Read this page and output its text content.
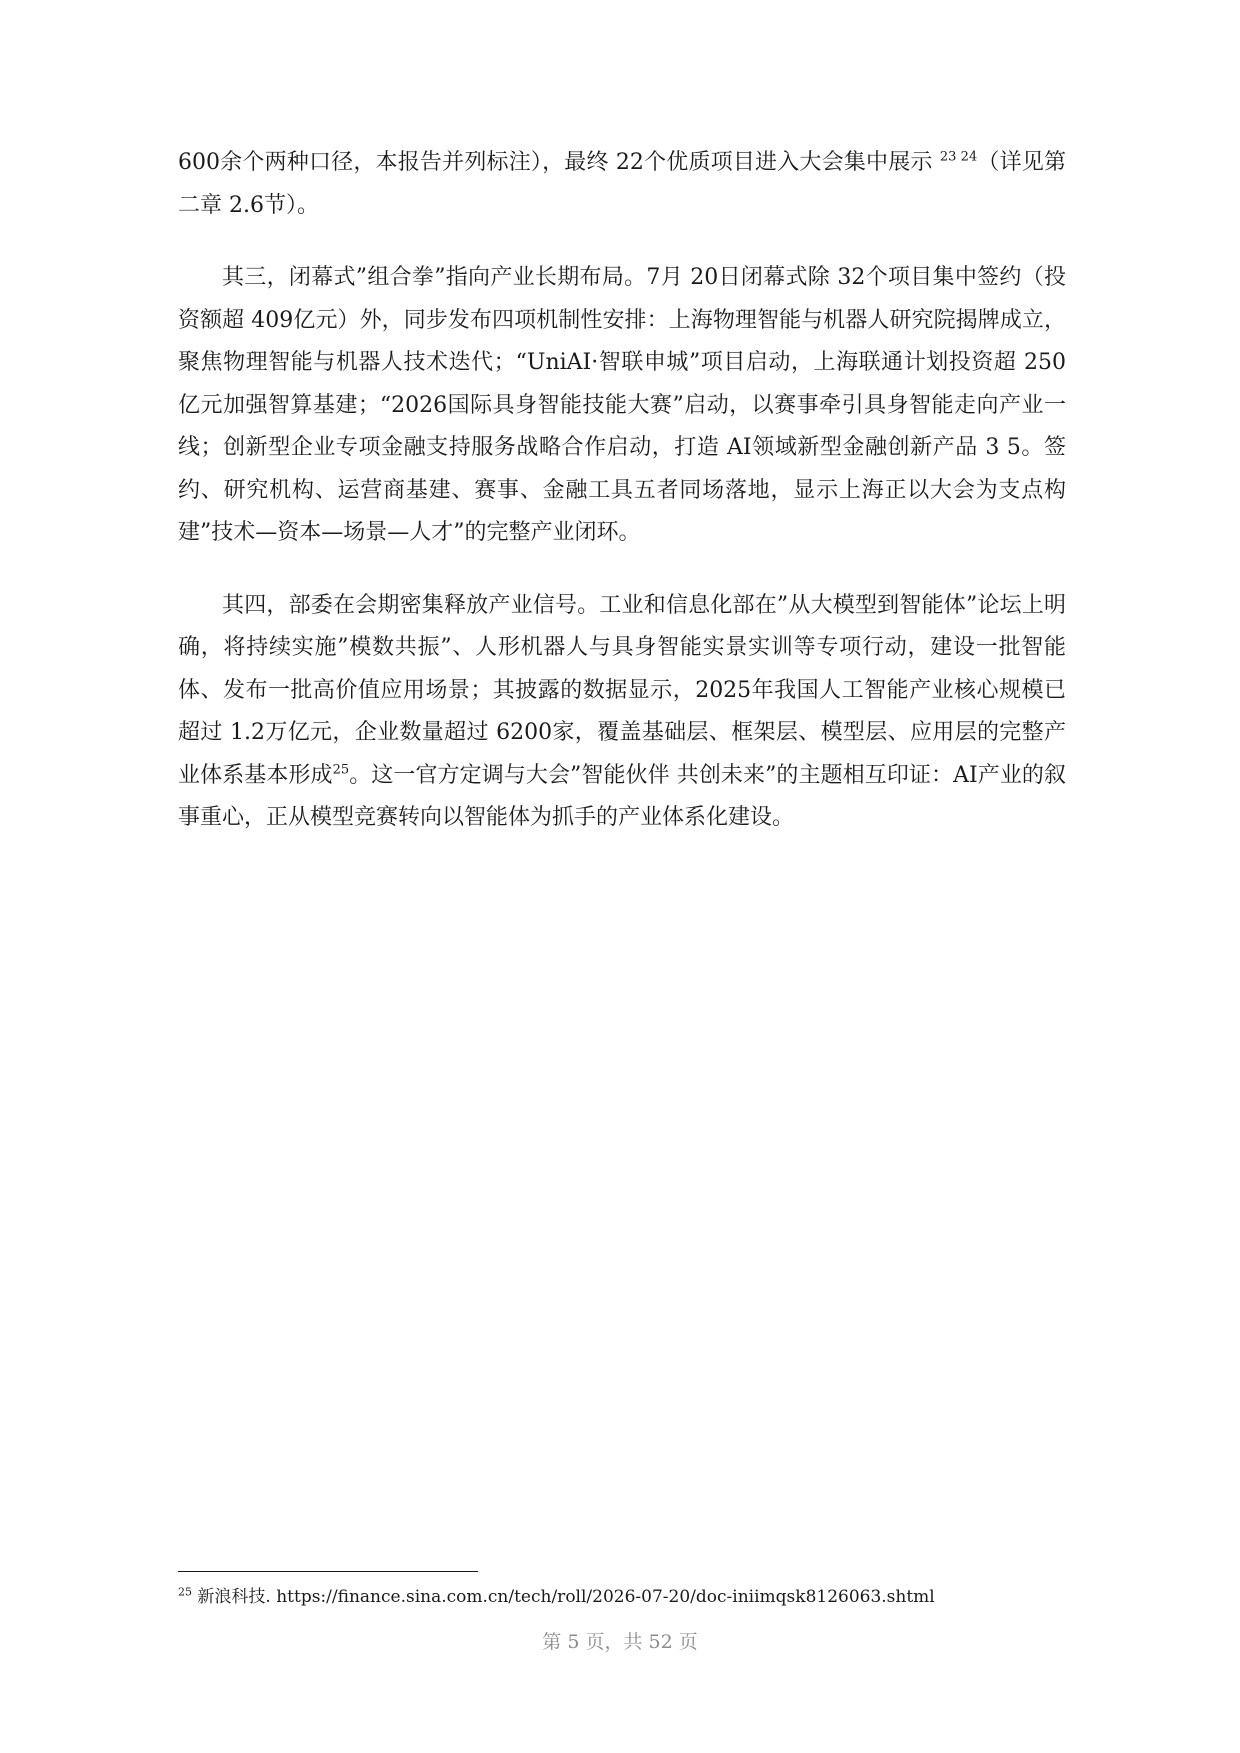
600余个两种口径，本报告并列标注），最终 22个优质项目进入大会集中展示 $^{23 24}$（详见第二章 2.6节）。

其三，闭幕式”组合拳”指向产业长期布局。7月 20日闭幕式除 32个项目集中签约（投资额超 409亿元）外，同步发布四项机制性安排：上海物理智能与机器人研究院揭牌成立，聚焦物理智能与机器人技术迭代；“UniAI·智联申城”项目启动，上海联通计划投资超 250亿元加强智算基建；“2026国际具身智能技能大赛”启动，以赛事牵引具身智能走向产业一线；创新型企业专项金融支持服务战略合作启动，打造 AI领域新型金融创新产品 3 5。签约、研究机构、运营商基建、赛事、金融工具五者同场落地，显示上海正以大会为支点构建”技术—资本—场景—人才”的完整产业闭环。

其四，部委在会期密集释放产业信号。工业和信息化部在”从大模型到智能体”论坛上明确，将持续实施”模数共振”、人形机器人与具身智能实景实训等专项行动，建设一批智能体、发布一批高价值应用场景；其披露的数据显示，2025年我国人工智能产业核心规模已超过 1.2万亿元，企业数量超过 6200家，覆盖基础层、框架层、模型层、应用层的完整产业体系基本形成$^{25}$。这一官方定调与大会”智能伙伴 共创未来”的主题相互印证：AI产业的叙事重心，正从模型竞赛转向以智能体为抓手的产业体系化建设。

$^{25}$ 新浪科技. https://finance.sina.com.cn/tech/roll/2026-07-20/doc-iniimqsk8126063.shtml
第 5 页，共 52 页
